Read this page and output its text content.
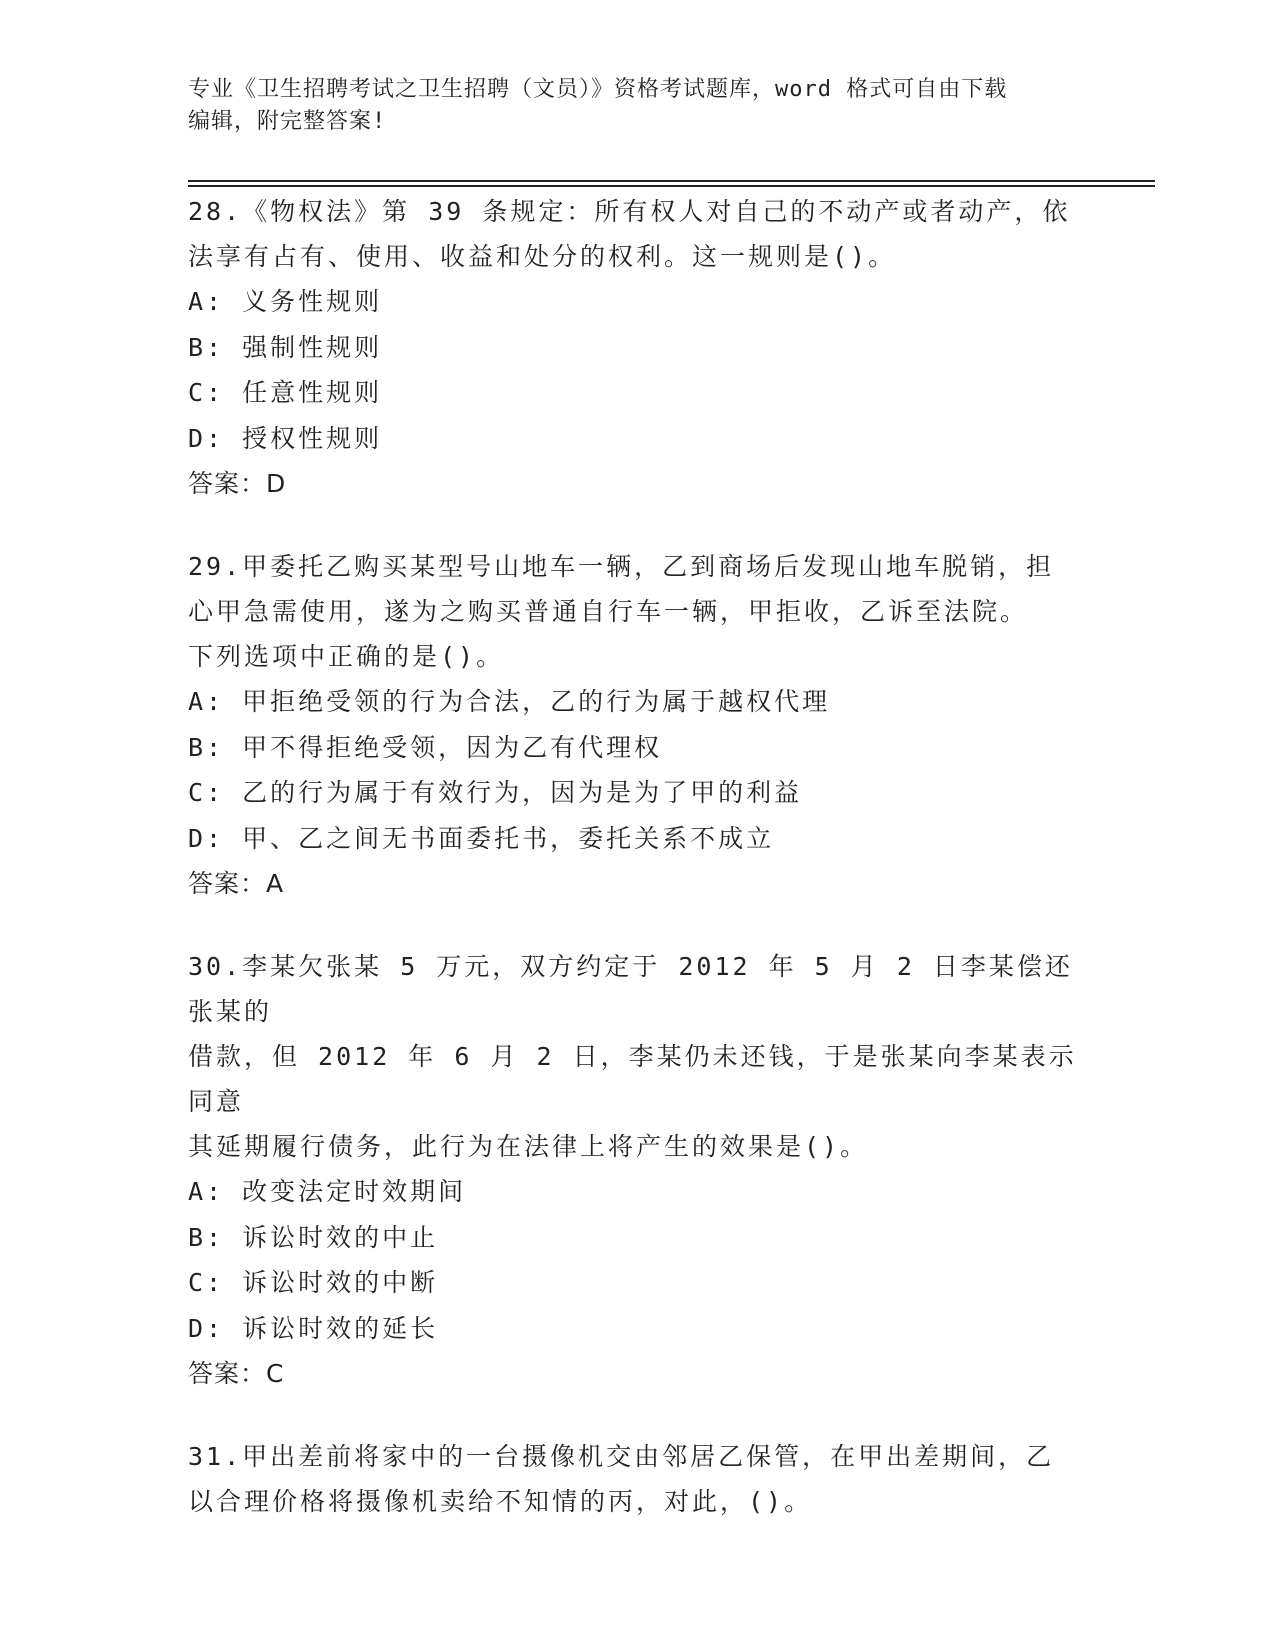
专业《卫生招聘考试之卫生招聘（文员）》资格考试题库，word 格式可自由下载
编辑，附完整答案!
28.《物权法》第 39 条规定：所有权人对自己的不动产或者动产，依
法享有占有、使用、收益和处分的权利。这一规则是()。
A: 义务性规则
B: 强制性规则
C: 任意性规则
D: 授权性规则
答案：D
29.甲委托乙购买某型号山地车一辆，乙到商场后发现山地车脱销，担
心甲急需使用，遂为之购买普通自行车一辆，甲拒收，乙诉至法院。
下列选项中正确的是()。
A: 甲拒绝受领的行为合法，乙的行为属于越权代理
B: 甲不得拒绝受领，因为乙有代理权
C: 乙的行为属于有效行为，因为是为了甲的利益
D: 甲、乙之间无书面委托书，委托关系不成立
答案：A
30.李某欠张某 5 万元，双方约定于 2012 年 5 月 2 日李某偿还张某的
借款，但 2012 年 6 月 2 日，李某仍未还钱，于是张某向李某表示同意
其延期履行债务，此行为在法律上将产生的效果是()。
A: 改变法定时效期间
B: 诉讼时效的中止
C: 诉讼时效的中断
D: 诉讼时效的延长
答案：C
31.甲出差前将家中的一台摄像机交由邻居乙保管，在甲出差期间，乙
以合理价格将摄像机卖给不知情的丙，对此，()。
